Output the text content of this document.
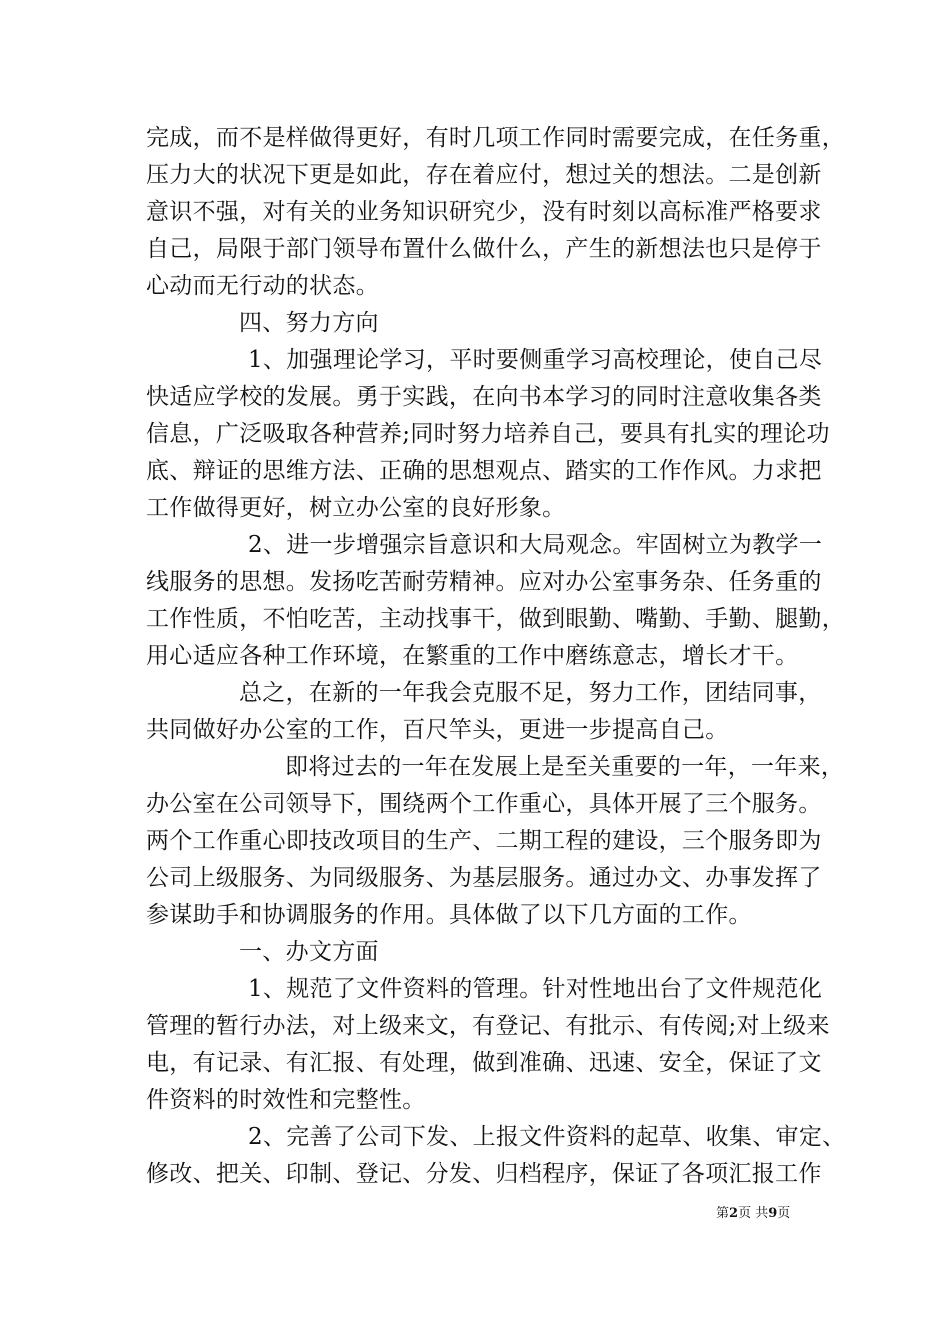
完成，而不是样做得更好，有时几项工作同时需要完成，在任务重，
压力大的状况下更是如此，存在着应付，想过关的想法。二是创新
意识不强，对有关的业务知识研究少，没有时刻以高标准严格要求
自己，局限于部门领导布置什么做什么，产生的新想法也只是停于
心动而无行动的状态。
四、努力方向
1、加强理论学习，平时要侧重学习高校理论，使自己尽
快适应学校的发展。勇于实践，在向书本学习的同时注意收集各类
信息，广泛吸取各种营养;同时努力培养自己，要具有扎实的理论功
底、辩证的思维方法、正确的思想观点、踏实的工作作风。力求把
工作做得更好，树立办公室的良好形象。
2、进一步增强宗旨意识和大局观念。牢固树立为教学一
线服务的思想。发扬吃苦耐劳精神。应对办公室事务杂、任务重的
工作性质，不怕吃苦，主动找事干，做到眼勤、嘴勤、手勤、腿勤，
用心适应各种工作环境，在繁重的工作中磨练意志，增长才干。
总之，在新的一年我会克服不足，努力工作，团结同事，
共同做好办公室的工作，百尺竿头，更进一步提高自己。
即将过去的一年在发展上是至关重要的一年，一年来，
办公室在公司领导下，围绕两个工作重心，具体开展了三个服务。
两个工作重心即技改项目的生产、二期工程的建设，三个服务即为
公司上级服务、为同级服务、为基层服务。通过办文、办事发挥了
参谋助手和协调服务的作用。具体做了以下几方面的工作。
一、办文方面
1、规范了文件资料的管理。针对性地出台了文件规范化
管理的暂行办法，对上级来文，有登记、有批示、有传阅;对上级来
电，有记录、有汇报、有处理，做到准确、迅速、安全，保证了文
件资料的时效性和完整性。
2、完善了公司下发、上报文件资料的起草、收集、审定、
修改、把关、印制、登记、分发、归档程序，保证了各项汇报工作
第2页 共9页
